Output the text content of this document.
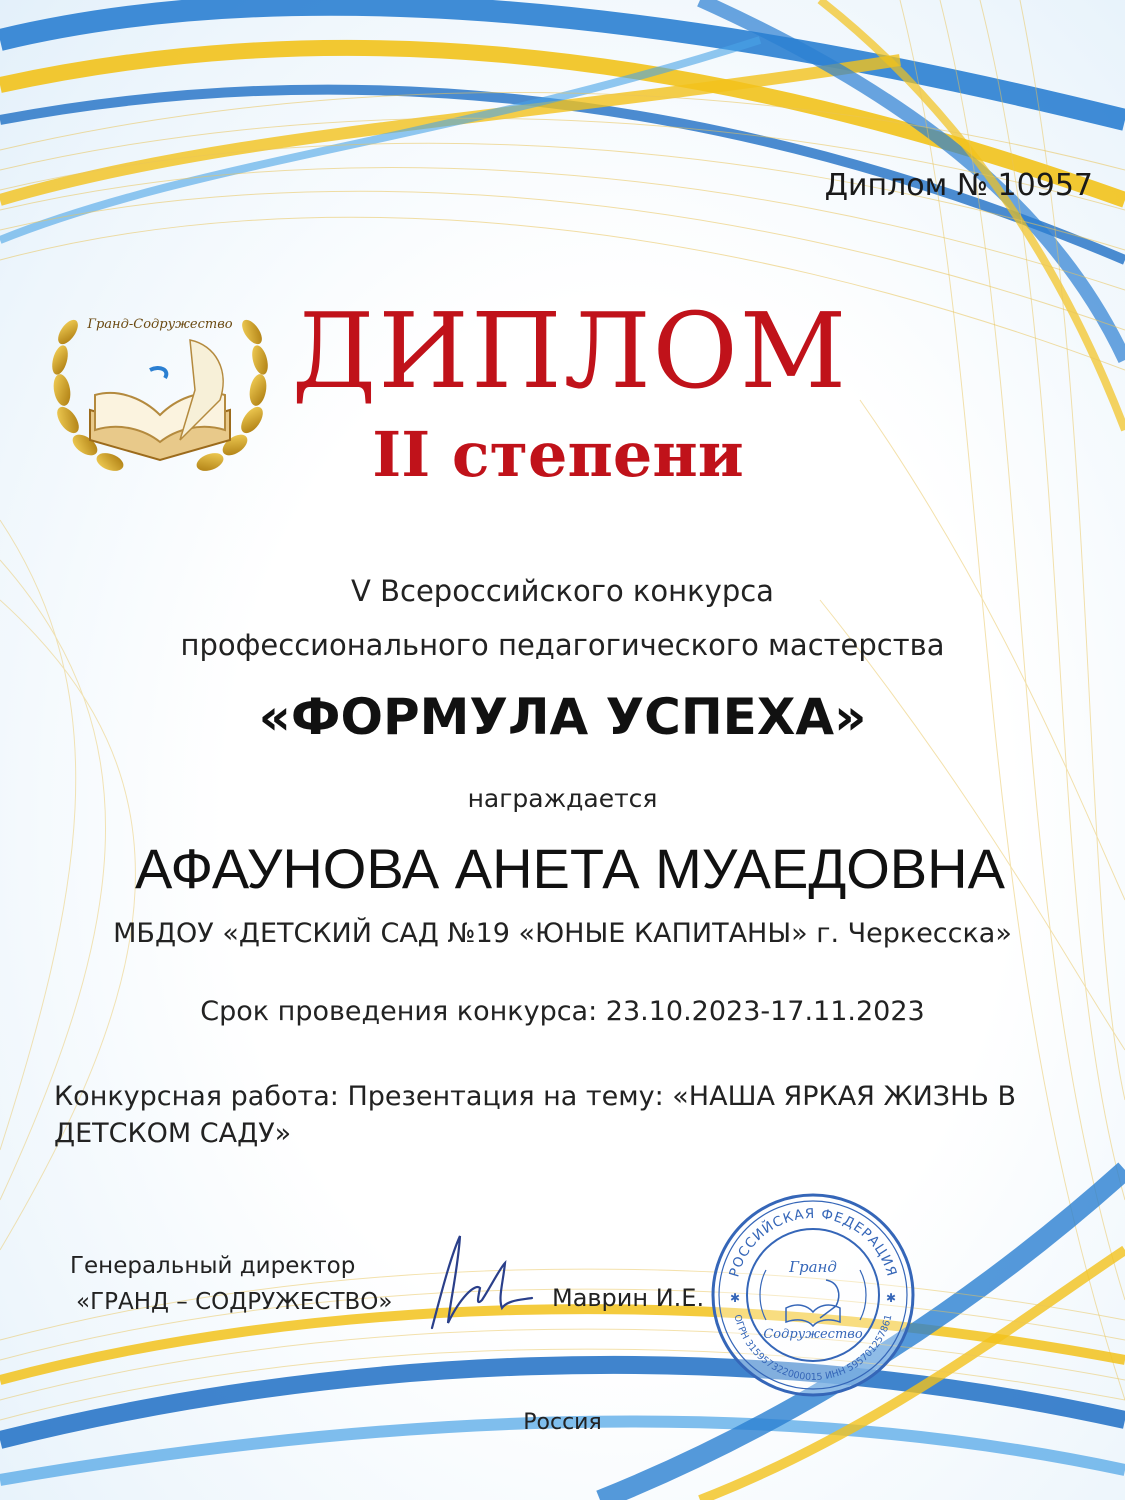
Диплом № 10957
Гранд-Содружество ДИПЛОМ
II степени
V Всероссийского конкурса
профессионального педагогического мастерства
«ФОРМУЛА УСПЕХА»
награждается
АФАУНОВА АНЕТА МУАЕДОВНА
МБДОУ «ДЕТСКИЙ САД №19 «ЮНЫЕ КАПИТАНЫ» г. Черкесска»
Срок проведения конкурса: 23.10.2023-17.11.2023
Конкурсная работа: Презентация на тему: «НАША ЯРКАЯ ЖИЗНЬ В ДЕТСКОМ САДУ»
Генеральный директор
«ГРАНД – СОДРУЖЕСТВО»	Маврин И.Е.
РОССИЙСКАЯ ФЕДЕРАЦИЯ
ОГРН 315957322000015 ИНН 595701257861
Гранд
Содружество
✱	✱
Россия
